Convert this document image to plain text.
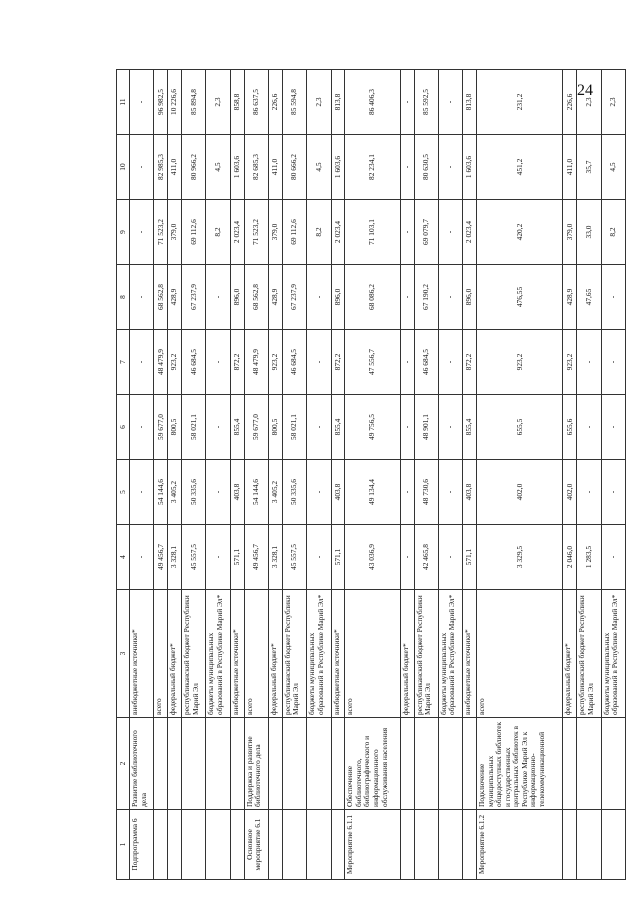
24
1	2	3	4	5	6	7	8	9	10	11
Подпрограмма 6	Развитие библиотечного дела	внебюджетные источники*	-	-	-	-	-	-	-	-
		всего	49 456,7	54 144,6	59 677,0	48 479,9	68 562,8	71 523,2	82 985,3	96 982,5
		федеральный бюджет*	3 328,1	3 405,2	800,5	923,2	428,9	379,0	411,0	10 226,6
		республиканский бюджет Республики Марий Эл	45 557,5	50 335,6	58 021,1	46 684,5	67 237,9	69 112,6	80 966,2	85 894,8
		бюджеты муниципальных образований в Республике Марий Эл*	-	-	-	-	-	8,2	4,5	2,3
		внебюджетные источники*	571,1	403,8	855,4	872,2	896,0	2 023,4	1 603,6	858,8
Основное мероприятие 6.1	Поддержка и развитие библиотечного дела	всего	49 456,7	54 144,6	59 677,0	48 479,9	68 562,8	71 523,2	82 685,3	86 637,5
		федеральный бюджет*	3 328,1	3 405,2	800,5	923,2	428,9	379,0	411,0	226,6
		республиканский бюджет Республики Марий Эл	45 557,5	50 335,6	58 021,1	46 684,5	67 237,9	69 112,6	80 666,2	85 594,8
		бюджеты муниципальных образований в Республике Марий Эл*	-	-	-	-	-	8,2	4,5	2,3
		внебюджетные источники*	571,1	403,8	855,4	872,2	896,0	2 023,4	1 603,6	813,8
Мероприятие 6.1.1	Обеспечение библиотечного, библиографического и информационного обслуживания населения	всего	43 036,9	49 134,4	49 756,5	47 556,7	68 086,2	71 103,1	82 234,1	86 406,3
		федеральный бюджет*	-	-	-	-	-	-	-	-
		республиканский бюджет Республики Марий Эл	42 465,8	48 730,6	48 901,1	46 684,5	67 190,2	69 079,7	80 630,5	85 592,5
		бюджеты муниципальных образований в Республике Марий Эл*	-	-	-	-	-	-	-	-
		внебюджетные источники*	571,1	403,8	855,4	872,2	896,0	2 023,4	1 603,6	813,8
Мероприятие 6.1.2	Подключение муниципальных общедоступных библиотек и государственных центральных библиотек в Республике Марий Эл к информационно-телекоммуникационной	всего	3 329,5	402,0	655,5	923,2	476,55	420,2	451,2	231,2
		федеральный бюджет*	2 046,0	402,0	655,6	923,2	428,9	379,0	411,0	226,6
		республиканский бюджет Республики Марий Эл	1 283,5	-	-	-	47,65	33,0	35,7	2,3
		бюджеты муниципальных образований в Республике Марий Эл*	-	-	-	-	-	8,2	4,5	2,3
